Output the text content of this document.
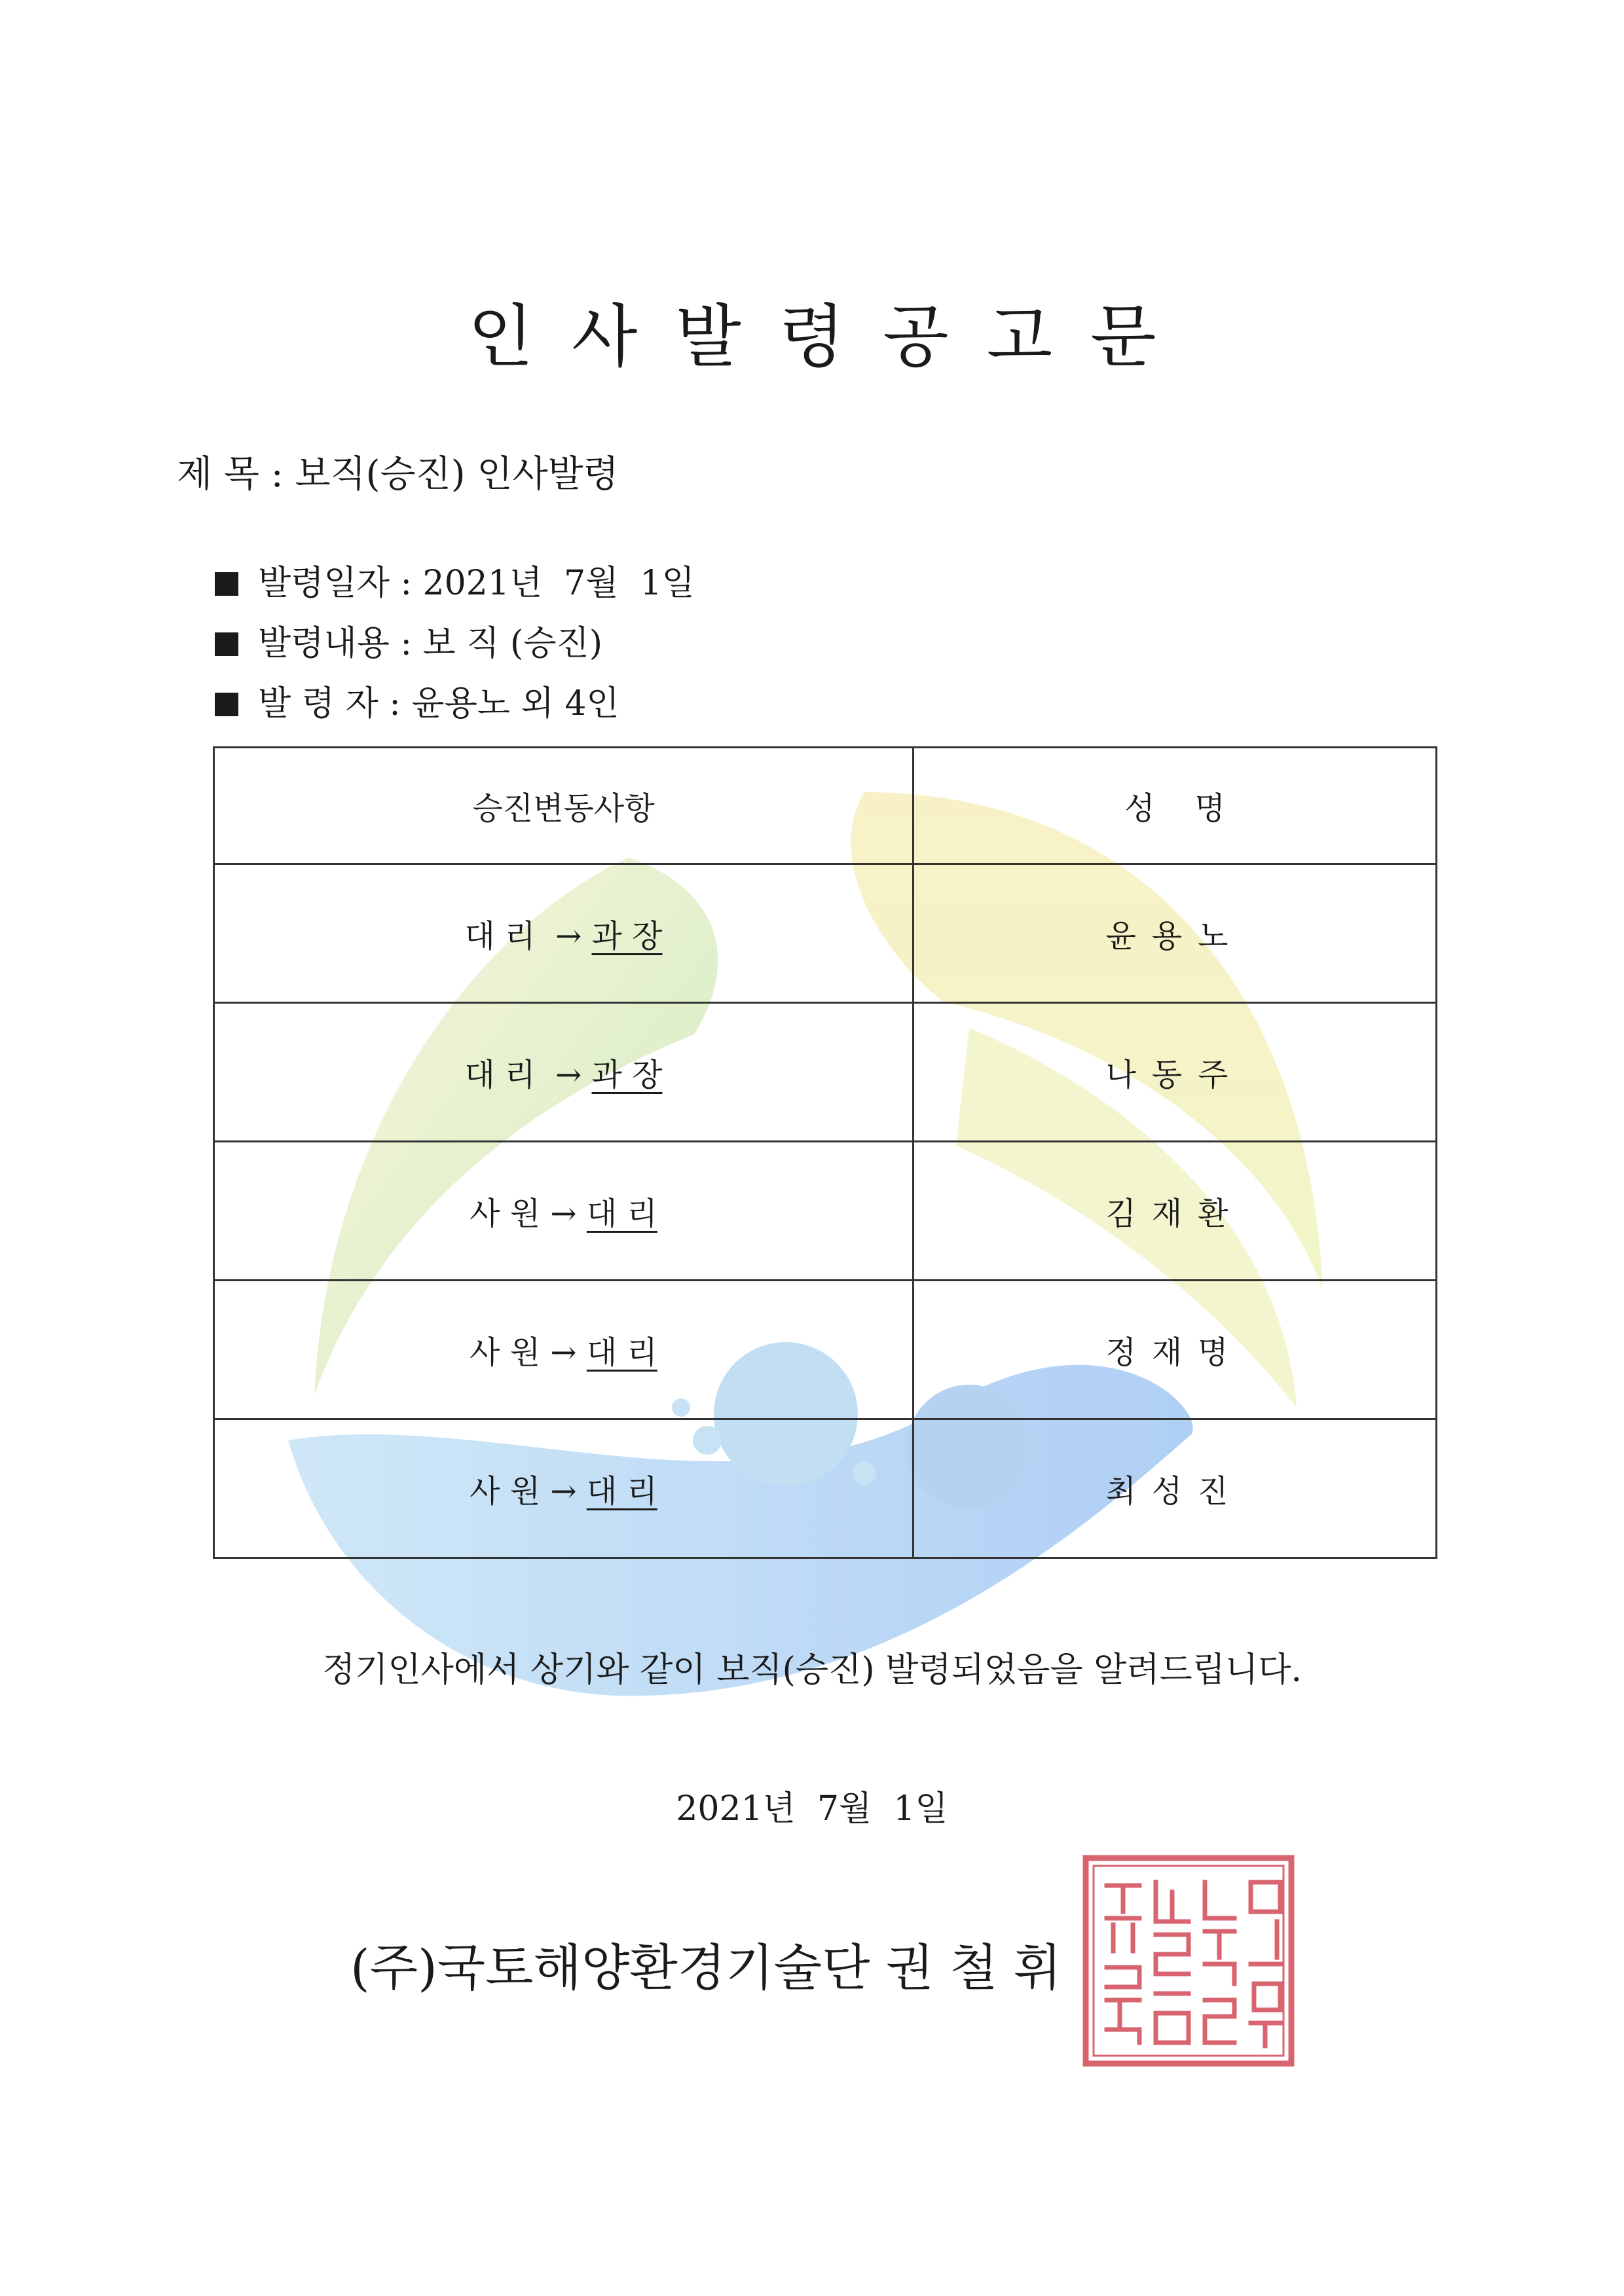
인사발령공고문
제 목 : 보직(승진) 인사발령
발령일자 : 2021년  7월  1일
발령내용 : 보 직 (승진)
발 령 자 : 윤용노 외 4인
승진변동사항	성    명
대 리  → 과 장	윤용노
대 리  → 과 장	나동주
사 원 → 대 리	김재환
사 원 → 대 리	정재명
사 원 → 대 리	최성진
정기인사에서 상기와 같이 보직(승진) 발령되었음을 알려드립니다.
2021년  7월  1일
(주)국토해양환경기술단 권 철 휘
.
